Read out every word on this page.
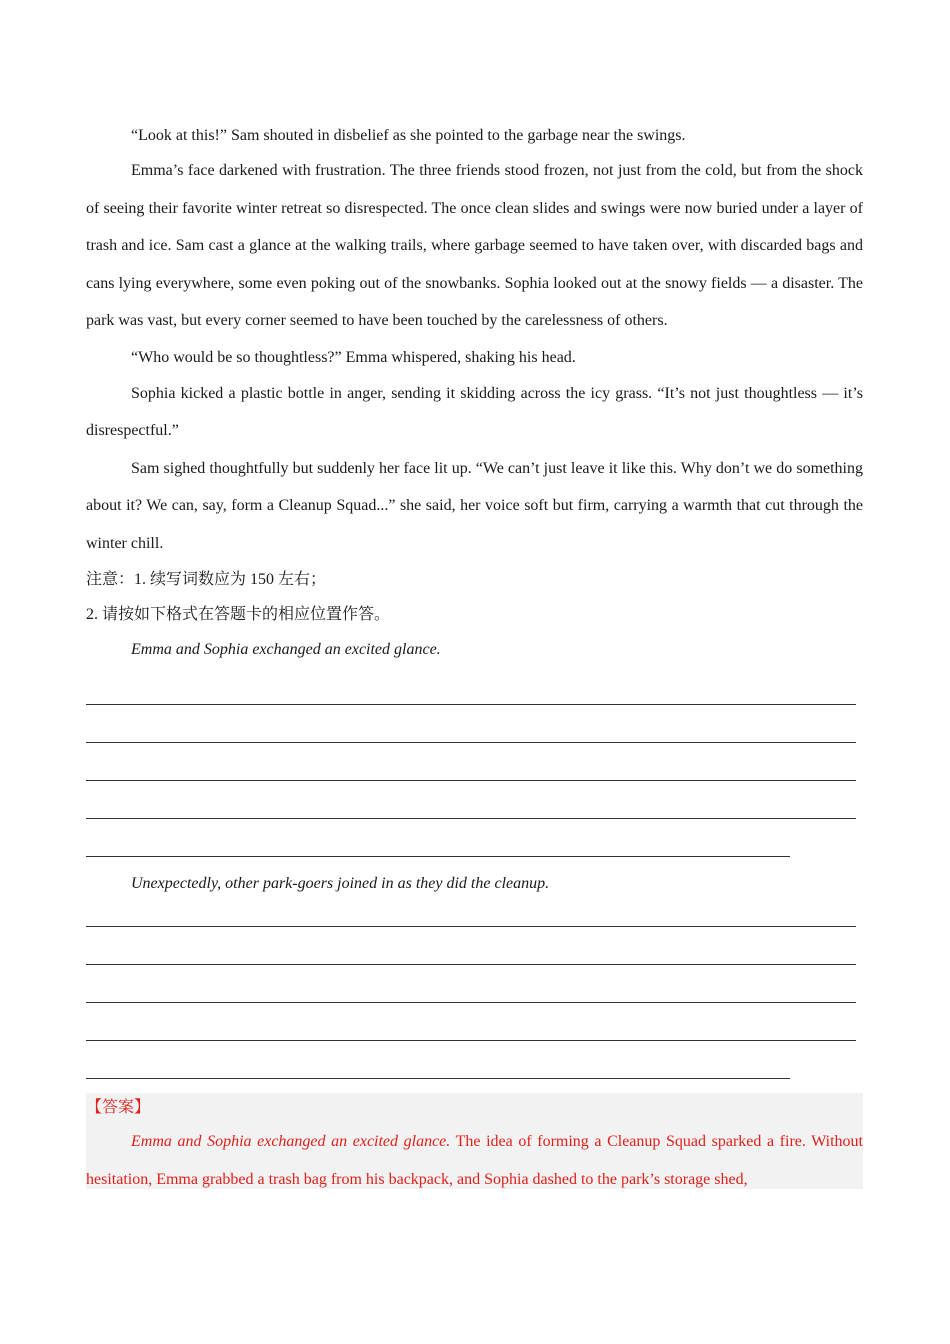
“Look at this!” Sam shouted in disbelief as she pointed to the garbage near the swings.

Emma’s face darkened with frustration. The three friends stood frozen, not just from the cold, but from the shock of seeing their favorite winter retreat so disrespected. The once clean slides and swings were now buried under a layer of trash and ice. Sam cast a glance at the walking trails, where garbage seemed to have taken over, with discarded bags and cans lying everywhere, some even poking out of the snowbanks. Sophia looked out at the snowy fields — a disaster. The park was vast, but every corner seemed to have been touched by the carelessness of others.

“Who would be so thoughtless?” Emma whispered, shaking his head.

Sophia kicked a plastic bottle in anger, sending it skidding across the icy grass. “It’s not just thoughtless — it’s disrespectful.”

Sam sighed thoughtfully but suddenly her face lit up. “We can’t just leave it like this. Why don’t we do something about it? We can, say, form a Cleanup Squad...” she said, her voice soft but firm, carrying a warmth that cut through the winter chill.

注意：1. 续写词数应为 150 左右；

2. 请按如下格式在答题卡的相应位置作答。

Emma and Sophia exchanged an excited glance.

Unexpectedly, other park-goers joined in as they did the cleanup.

【答案】

Emma and Sophia exchanged an excited glance. The idea of forming a Cleanup Squad sparked a fire. Without hesitation, Emma grabbed a trash bag from his backpack, and Sophia dashed to the park’s storage shed,
